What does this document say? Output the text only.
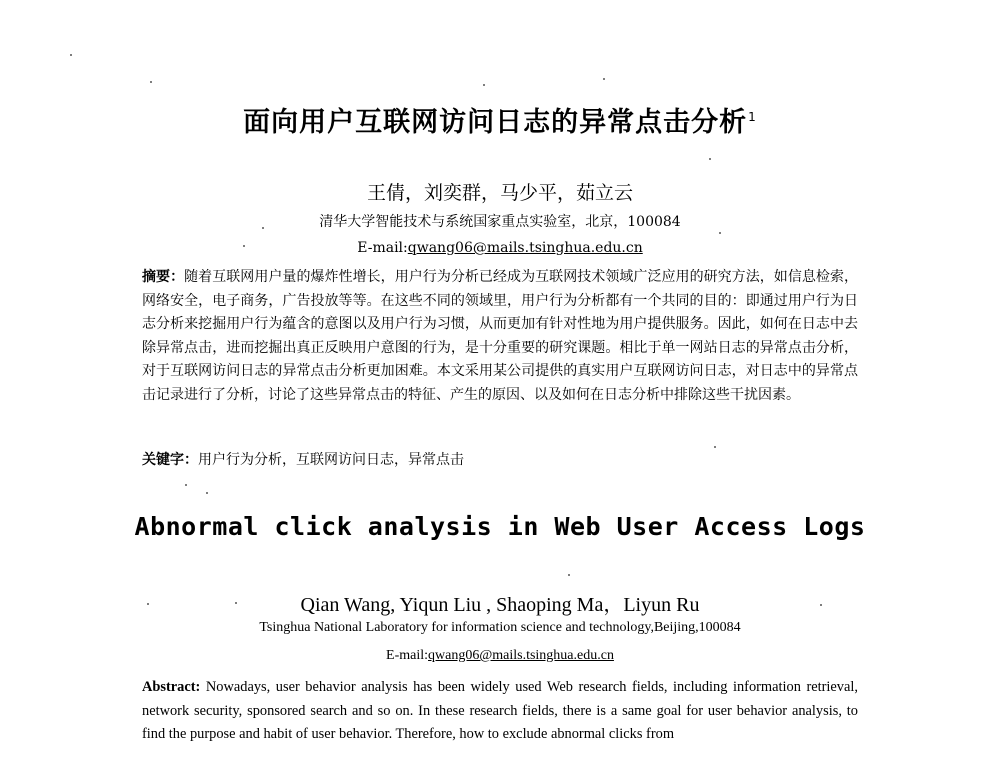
面向用户互联网访问日志的异常点击分析$^1$
王倩，刘奕群，马少平，茹立云
清华大学智能技术与系统国家重点实验室，北京，100084
E-mail:qwang06@mails.tsinghua.edu.cn
摘要：随着互联网用户量的爆炸性增长，用户行为分析已经成为互联网技术领域广泛应用的研究方法，如信息检索，网络安全，电子商务，广告投放等等。在这些不同的领域里，用户行为分析都有一个共同的目的：即通过用户行为日志分析来挖掘用户行为蕴含的意图以及用户行为习惯，从而更加有针对性地为用户提供服务。因此，如何在日志中去除异常点击，进而挖掘出真正反映用户意图的行为，是十分重要的研究课题。相比于单一网站日志的异常点击分析，对于互联网访问日志的异常点击分析更加困难。本文采用某公司提供的真实用户互联网访问日志，对日志中的异常点击记录进行了分析，讨论了这些异常点击的特征、产生的原因、以及如何在日志分析中排除这些干扰因素。
关键字：用户行为分析，互联网访问日志，异常点击
Abnormal click analysis in Web User Access Logs
Qian Wang, Yiqun Liu , Shaoping Ma，Liyun Ru
Tsinghua National Laboratory for information science and technology,Beijing,100084
E-mail:qwang06@mails.tsinghua.edu.cn
Abstract: Nowadays, user behavior analysis has been widely used Web research fields, including information retrieval, network security, sponsored search and so on. In these research fields, there is a same goal for user behavior analysis, to find the purpose and habit of user behavior. Therefore, how to exclude abnormal clicks from
